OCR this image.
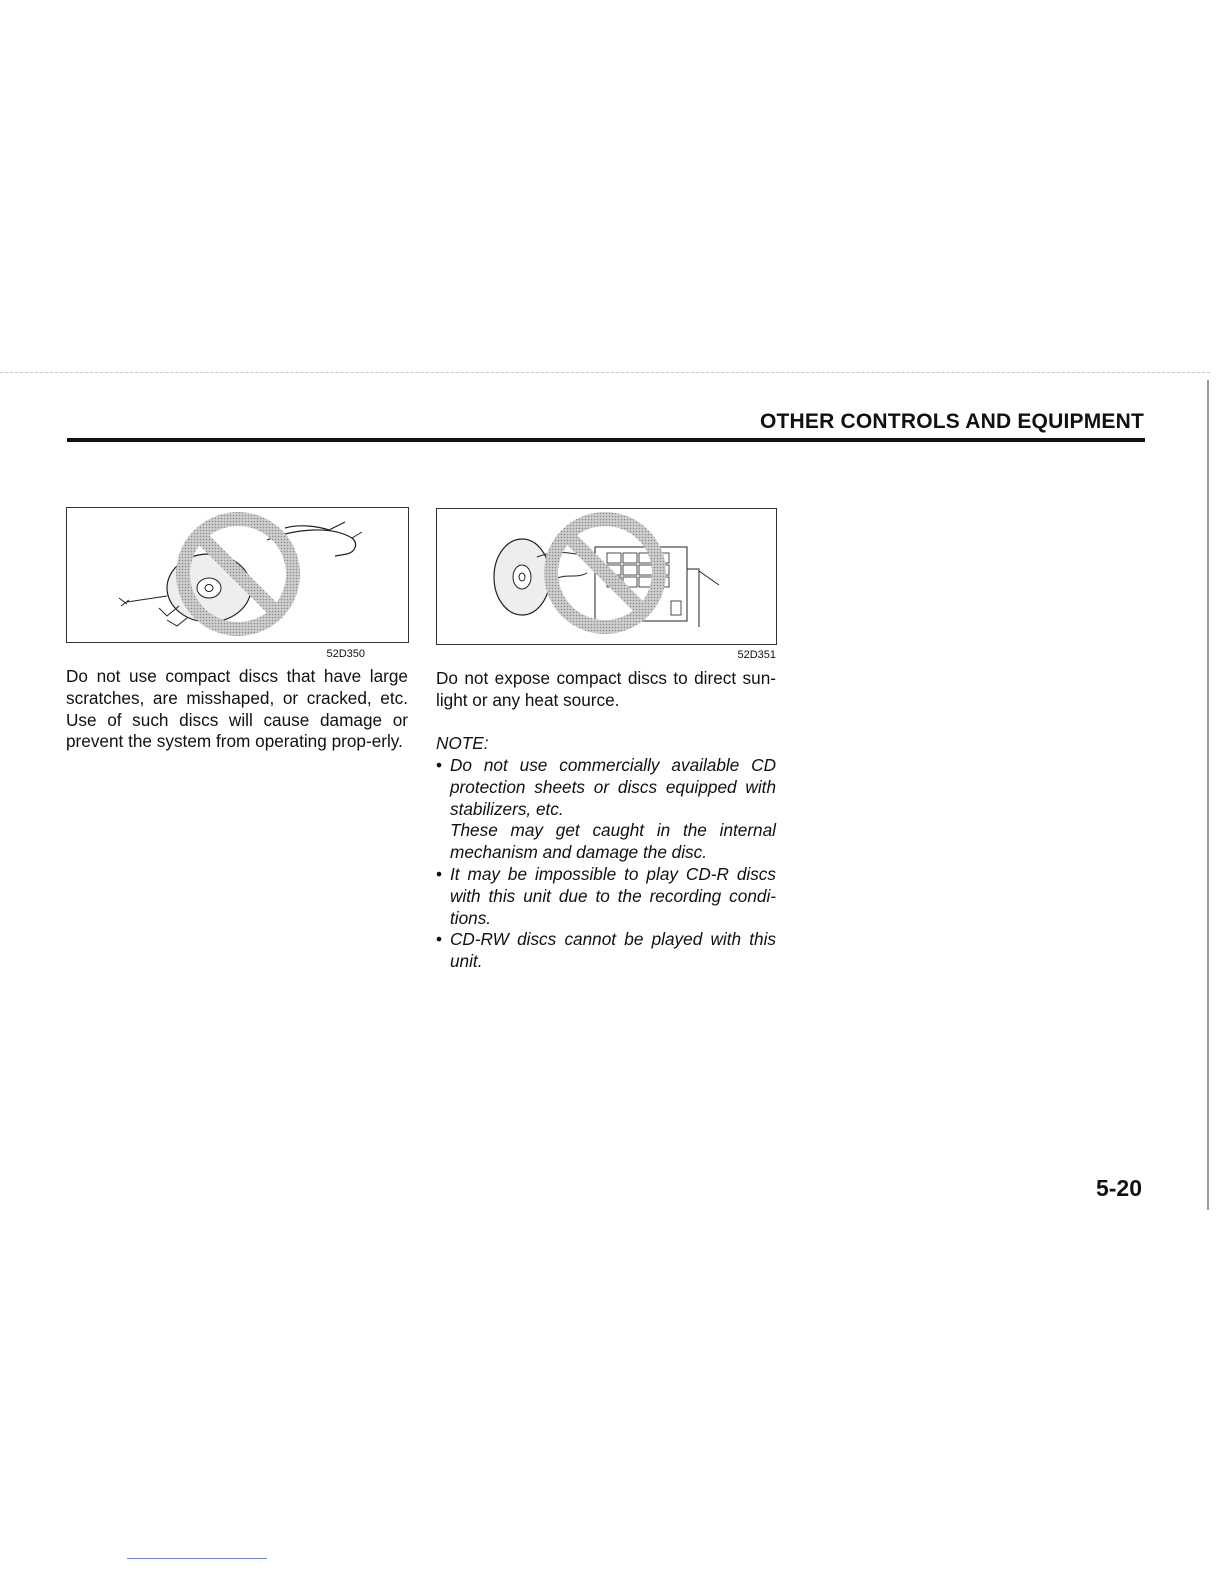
OTHER CONTROLS AND EQUIPMENT
52D350	52D351
Do not use compact discs that have large scratches, are misshaped, or cracked, etc. Use of such discs will cause damage or prevent the system from operating prop-erly.
Do not expose compact discs to direct sun-light or any heat source.
NOTE:
• Do not use commercially available CD protection sheets or discs equipped with stabilizers, etc.
These may get caught in the internal mechanism and damage the disc.
• It may be impossible to play CD-R discs with this unit due to the recording condi-tions.
• CD-RW discs cannot be played with this unit.
5-20
